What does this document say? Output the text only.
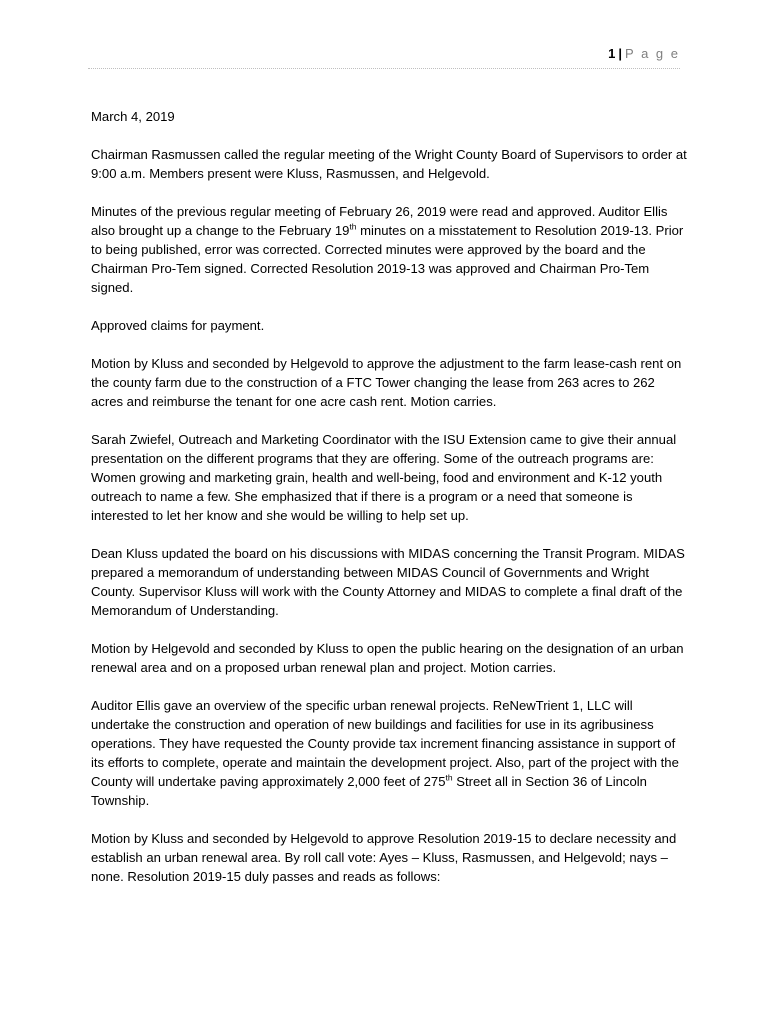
1 | P a g e

March 4, 2019

Chairman Rasmussen called the regular meeting of the Wright County Board of Supervisors to order at 9:00 a.m. Members present were Kluss, Rasmussen, and Helgevold.

Minutes of the previous regular meeting of February 26, 2019 were read and approved. Auditor Ellis also brought up a change to the February 19th minutes on a misstatement to Resolution 2019-13. Prior to being published, error was corrected. Corrected minutes were approved by the board and the Chairman Pro-Tem signed. Corrected Resolution 2019-13 was approved and Chairman Pro-Tem signed.

Approved claims for payment.

Motion by Kluss and seconded by Helgevold to approve the adjustment to the farm lease-cash rent on the county farm due to the construction of a FTC Tower changing the lease from 263 acres to 262 acres and reimburse the tenant for one acre cash rent. Motion carries.

Sarah Zwiefel, Outreach and Marketing Coordinator with the ISU Extension came to give their annual presentation on the different programs that they are offering. Some of the outreach programs are: Women growing and marketing grain, health and well-being, food and environment and K-12 youth outreach to name a few. She emphasized that if there is a program or a need that someone is interested to let her know and she would be willing to help set up.

Dean Kluss updated the board on his discussions with MIDAS concerning the Transit Program. MIDAS prepared a memorandum of understanding between MIDAS Council of Governments and Wright County. Supervisor Kluss will work with the County Attorney and MIDAS to complete a final draft of the Memorandum of Understanding.

Motion by Helgevold and seconded by Kluss to open the public hearing on the designation of an urban renewal area and on a proposed urban renewal plan and project. Motion carries.

Auditor Ellis gave an overview of the specific urban renewal projects. ReNewTrient 1, LLC will undertake the construction and operation of new buildings and facilities for use in its agribusiness operations. They have requested the County provide tax increment financing assistance in support of its efforts to complete, operate and maintain the development project. Also, part of the project with the County will undertake paving approximately 2,000 feet of 275th Street all in Section 36 of Lincoln Township.

Motion by Kluss and seconded by Helgevold to approve Resolution 2019-15 to declare necessity and establish an urban renewal area. By roll call vote: Ayes – Kluss, Rasmussen, and Helgevold; nays – none. Resolution 2019-15 duly passes and reads as follows:
